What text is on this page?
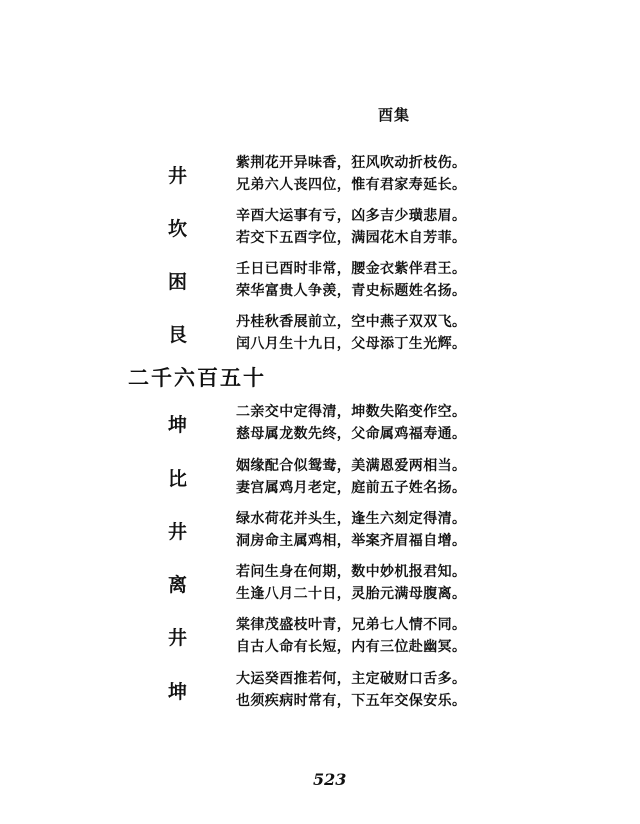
酉集
井
紫荆花开异味香，狂风吹动折枝伤。
兄弟六人丧四位，惟有君家寿延长。
坎
辛酉大运事有亏，凶多吉少璜悲眉。
若交下五酉字位，满园花木自芳菲。
困
壬日已酉时非常，腰金衣紫伴君王。
荣华富贵人争羡，青史标题姓名扬。
艮
丹桂秋香展前立，空中燕子双双飞。
闰八月生十九日，父母添丁生光辉。
二千六百五十
坤
二亲交中定得清，坤数失陷变作空。
慈母属龙数先终，父命属鸡福寿通。
比
姻缘配合似鸳鸯，美满恩爱两相当。
妻宫属鸡月老定，庭前五子姓名扬。
井
绿水荷花并头生，逢生六刻定得清。
洞房命主属鸡相，举案齐眉福自增。
离
若问生身在何期，数中妙机报君知。
生逢八月二十日，灵胎元满母腹离。
井
棠律茂盛枝叶青，兄弟七人情不同。
自古人命有长短，内有三位赴幽冥。
坤
大运癸酉推若何，主定破财口舌多。
也须疾病时常有，下五年交保安乐。
523
